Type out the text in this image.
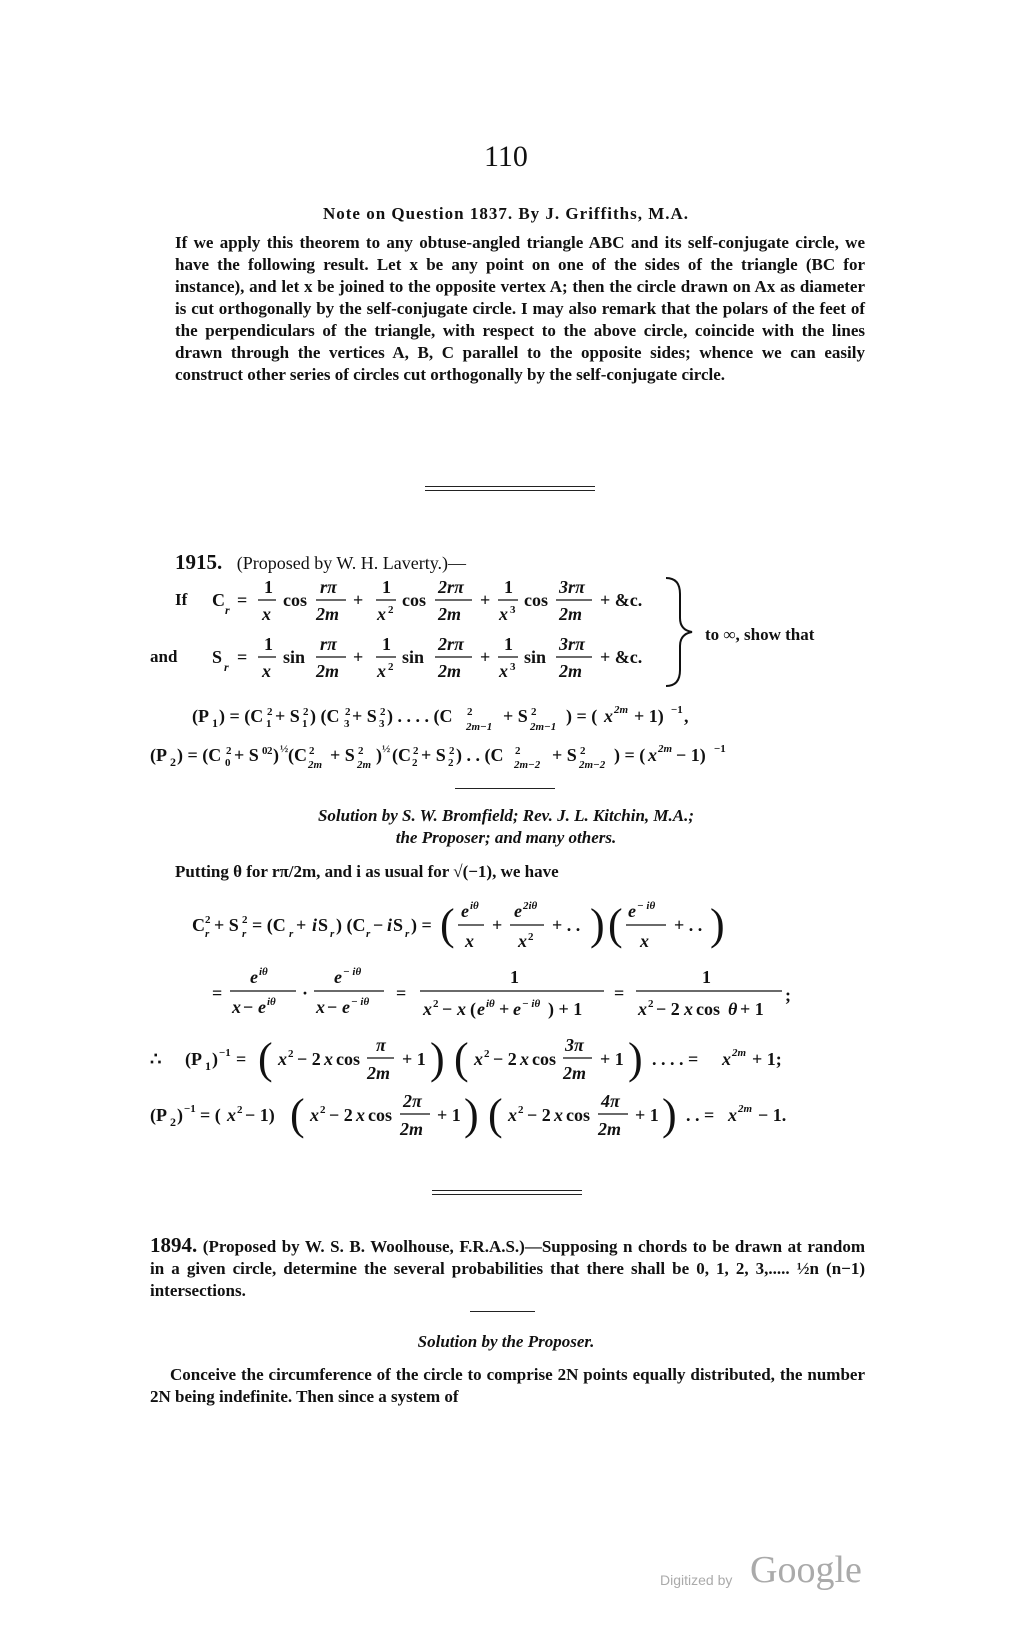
110
Note on Question 1837. By J. Griffiths, M.A.
If we apply this theorem to any obtuse-angled triangle ABC and its self-conjugate circle, we have the following result. Let x be any point on one of the sides of the triangle (BC for instance), and let x be joined to the opposite vertex A; then the circle drawn on Ax as diameter is cut orthogonally by the self-conjugate circle. I may also remark that the polars of the feet of the perpendiculars of the triangle, with respect to the above circle, coincide with the lines drawn through the vertices A, B, C parallel to the opposite sides; whence we can easily construct other series of circles cut orthogonally by the self-conjugate circle.
1915. (Proposed by W. H. Laverty.)—
If
and
to ∞, show that
C r =
1
x
cos
rπ
2m
+
1
x 2 cos
2rπ
2m
+
1
x 3 cos
3rπ
2m
+ &c.
S r =
1
x
sin
rπ
2m
+
1
x 2 sin
2rπ
2m
+
1
x 3 sin
3rπ
2m
+ &c.
(P 1 ) = (C 2
1 + S 2
1 ) (C 2
3 + S 2
3 ) . . . . (C 2
2m−1
+ S 2
2m−1
) = ( x 2m + 1) −1 ,
(P 2 ) = (C 2
0 + S 0 2 ) ½ (C 2
2m + S 2
2m ) ½ (C 2
2 + S 2
2 ) . . (C 2
2m−2 + S 2
2m−2 ) = ( x 2m − 1) −1
Solution by S. W. Bromfield; Rev. J. L. Kitchin, M.A.;
the Proposer; and many others.
Putting θ for rπ/2m, and i as usual for √(−1), we have
C 2
r + S 2
r = (C r + i S r ) (C r − i S r ) = ( e iθ
x
+
e 2iθ
x 2
+ . . ) ( e − iθ
x
+ . . )
=
e iθ
x − e iθ ·
e − iθ
x − e − iθ =
1
x 2 − x ( e iθ + e − iθ ) + 1
=
1
x 2 − 2 x cos θ + 1
;
∴ (P 1 ) −1 = ( x 2 − 2 x cos
π
2m
+ 1 ) ( x 2 − 2 x cos
3π
2m
+ 1 ) . . . . = x 2m + 1;
(P 2 ) −1 = ( x 2 − 1) ( x 2 − 2 x cos
2π
2m
+ 1 ) ( x 2 − 2 x cos
4π
2m
+ 1 ) . . = x 2m − 1.
1894. (Proposed by W. S. B. Woolhouse, F.R.A.S.)—Supposing n chords to be drawn at random in a given circle, determine the several probabilities that there shall be 0, 1, 2, 3,..... ½n (n−1) intersections.
Solution by the Proposer.
Conceive the circumference of the circle to comprise 2N points equally distributed, the number 2N being indefinite. Then since a system of
Digitized by Google
